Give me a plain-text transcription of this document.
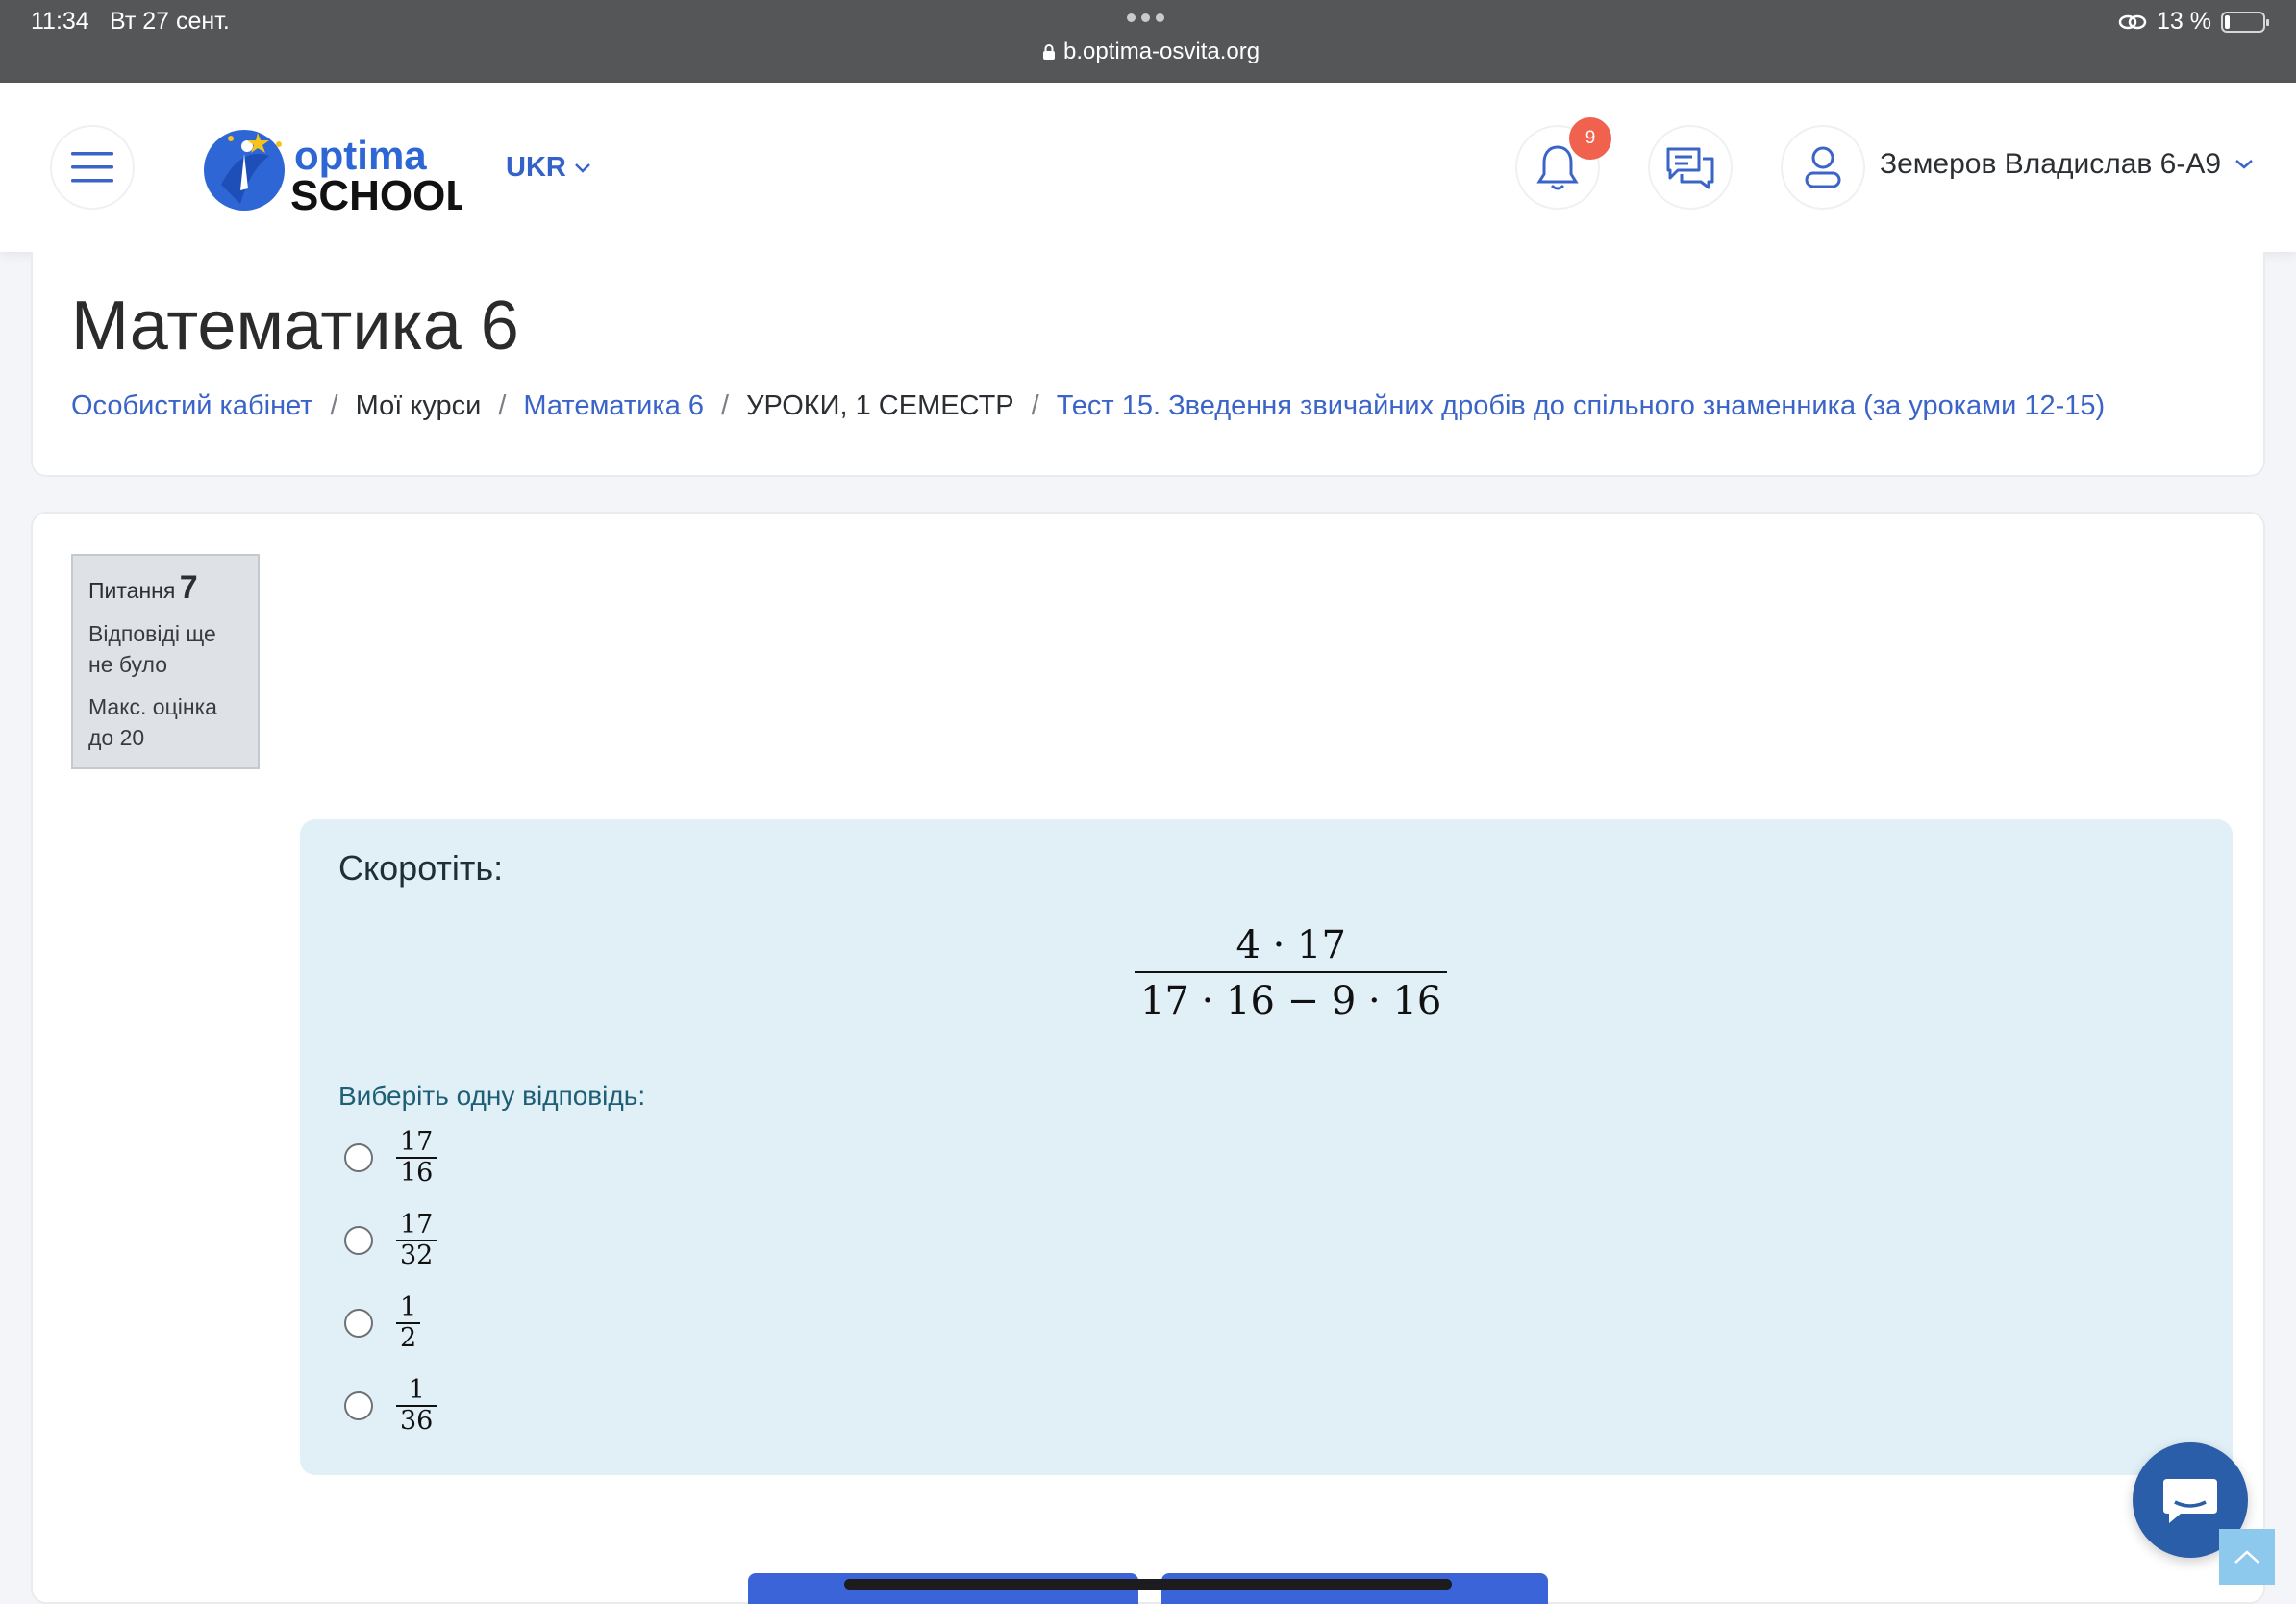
11:34 Вт 27 сент.
b.optima-osvita.org
13 %
optima
SCHOOL
UKR
9
Земеров Владислав 6-А9
Математика 6
Особистий кабінет / Мої курси / Математика 6 / УРОКИ, 1 СЕМЕСТР / Тест 15. Зведення звичайних дробів до спільного знаменника (за уроками 12-15)
Питання 7
Відповіді ще не було
Макс. оцінка до 20
Скоротіть:
$\frac{4 \cdot 17}{17 \cdot 16 - 9 \cdot 16}$
Виберіть одну відповідь:
$\frac{17}{16}$
$\frac{17}{32}$
$\frac{1}{2}$
$\frac{1}{36}$
